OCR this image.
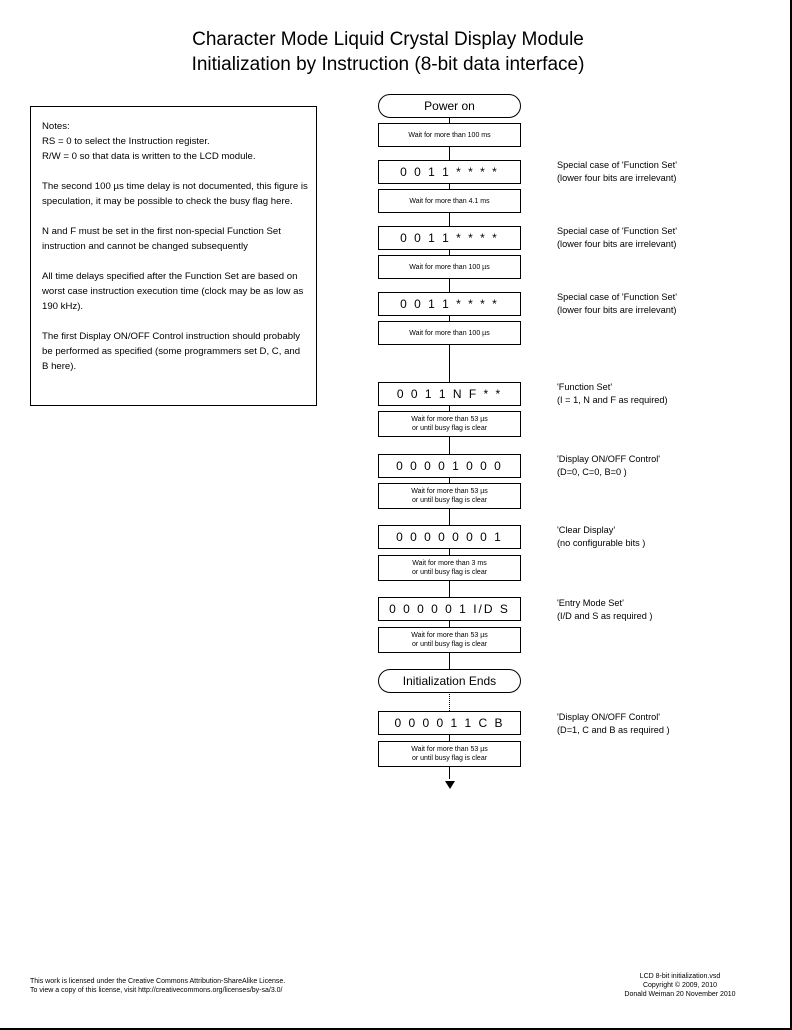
Character Mode Liquid Crystal Display Module
Initialization by Instruction (8-bit data interface)

Notes:

RS = 0 to select the Instruction register.

R/W = 0 so that data is written to the LCD module.

The second 100 µs time delay is not documented, this figure is speculation, it may be possible to check the busy flag here.

N and F must be set in the first non-special Function Set instruction and cannot be changed subsequently

All time delays specified after the Function Set are based on worst case instruction execution time (clock may be as low as 190 kHz).

The first Display ON/OFF Control instruction should probably be performed as specified (some programmers set D, C, and B here).

Power on
Wait for more than 100 ms
0 0 1 1 * * * *
Wait for more than 4.1 ms
0 0 1 1 * * * *
Wait for more than 100 µs
0 0 1 1 * * * *
Wait for more than 100 µs
0 0 1 1 N F * *
Wait for more than 53 µs
or until busy flag is clear
0 0 0 0 1 0 0 0
Wait for more than 53 µs
or until busy flag is clear
0 0 0 0 0 0 0 1
Wait for more than 3 ms
or until busy flag is clear
0 0 0 0 0 1 I/D S
Wait for more than 53 µs
or until busy flag is clear
Initialization Ends
0 0 0 0 1 1 C B
Wait for more than 53 µs
or until busy flag is clear
Special case of 'Function Set'
(lower four bits are irrelevant)
Special case of 'Function Set'
(lower four bits are irrelevant)
Special case of 'Function Set'
(lower four bits are irrelevant)
'Function Set'
(I = 1, N and F as required)
'Display ON/OFF Control'
(D=0, C=0, B=0 )
'Clear Display'
(no configurable bits )
'Entry Mode Set'
(I/D and S as required )
'Display ON/OFF Control'
(D=1, C and B as required )
This work is licensed under the Creative Commons Attribution-ShareAlike License.
To view a copy of this license, visit http://creativecommons.org/licenses/by-sa/3.0/
LCD 8-bit initialization.vsd
Copyright © 2009, 2010
Donald Weiman 20 November 2010
